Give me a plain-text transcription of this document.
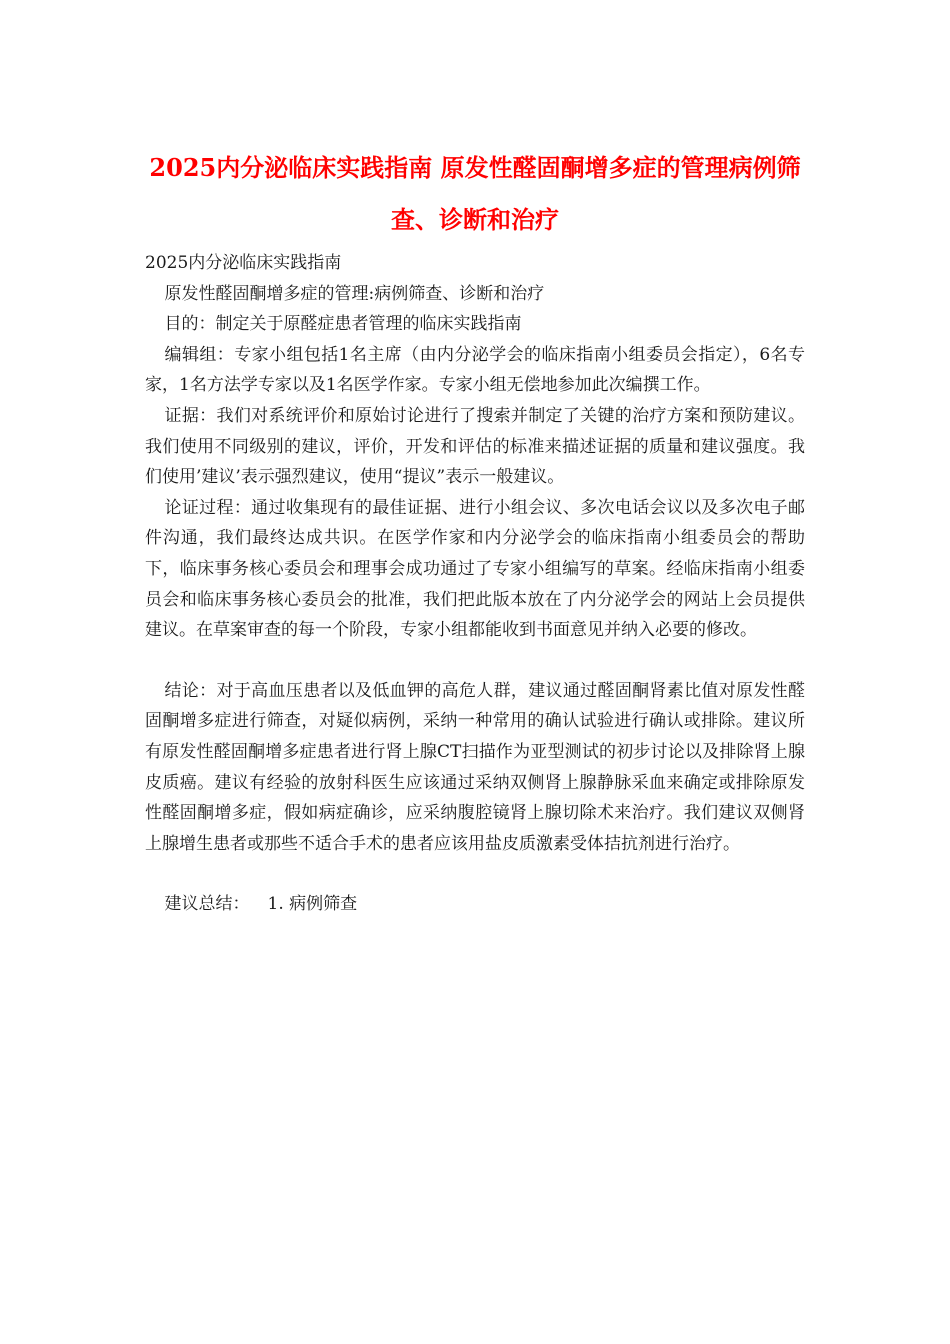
2025内分泌临床实践指南 原发性醛固酮增多症的管理病例筛查、诊断和治疗

2025内分泌临床实践指南

原发性醛固酮增多症的管理:病例筛查、诊断和治疗

目的：制定关于原醛症患者管理的临床实践指南

编辑组：专家小组包括1名主席（由内分泌学会的临床指南小组委员会指定），6名专家，1名方法学专家以及1名医学作家。专家小组无偿地参加此次编撰工作。

证据：我们对系统评价和原始讨论进行了搜索并制定了关键的治疗方案和预防建议。我们使用不同级别的建议，评价，开发和评估的标准来描述证据的质量和建议强度。我们使用’建议’表示强烈建议，使用“提议”表示一般建议。

论证过程：通过收集现有的最佳证据、进行小组会议、多次电话会议以及多次电子邮件沟通，我们最终达成共识。在医学作家和内分泌学会的临床指南小组委员会的帮助下，临床事务核心委员会和理事会成功通过了专家小组编写的草案。经临床指南小组委员会和临床事务核心委员会的批准，我们把此版本放在了内分泌学会的网站上会员提供建议。在草案审查的每一个阶段，专家小组都能收到书面意见并纳入必要的修改。

结论：对于高血压患者以及低血钾的高危人群，建议通过醛固酮肾素比值对原发性醛固酮增多症进行筛查，对疑似病例，采纳一种常用的确认试验进行确认或排除。建议所有原发性醛固酮增多症患者进行肾上腺CT扫描作为亚型测试的初步讨论以及排除肾上腺皮质癌。建议有经验的放射科医生应该通过采纳双侧肾上腺静脉采血来确定或排除原发性醛固酮增多症，假如病症确诊，应采纳腹腔镜肾上腺切除术来治疗。我们建议双侧肾上腺增生患者或那些不适合手术的患者应该用盐皮质激素受体拮抗剂进行治疗。

建议总结： 1. 病例筛查
